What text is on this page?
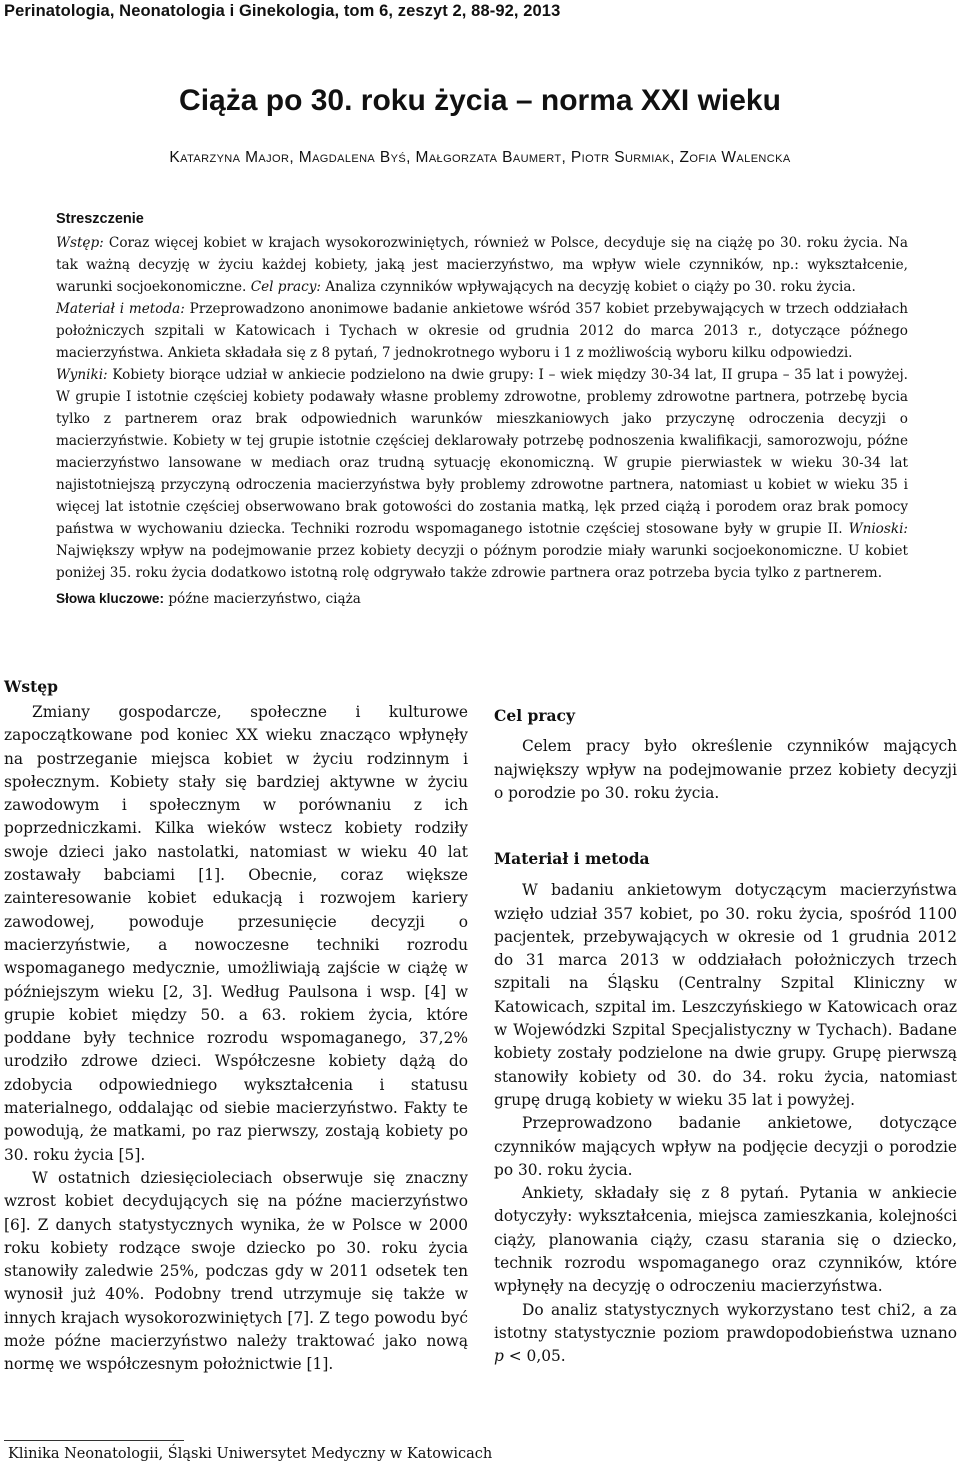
Perinatologia, Neonatologia i Ginekologia, tom 6, zeszyt 2, 88-92, 2013
Ciąża po 30. roku życia – norma XXI wieku
Katarzyna Major, Magdalena Byś, Małgorzata Baumert, Piotr Surmiak, Zofia Walencka

Streszczenie

Wstęp: Coraz więcej kobiet w krajach wysokorozwiniętych, również w Polsce, decyduje się na ciążę po 30. roku życia. Na tak ważną decyzję w życiu każdej kobiety, jaką jest macierzyństwo, ma wpływ wiele czynników, np.: wykształcenie, warunki socjoekonomiczne. Cel pracy: Analiza czynników wpływających na decyzję kobiet o ciąży po 30. roku życia.

Materiał i metoda: Przeprowadzono anonimowe badanie ankietowe wśród 357 kobiet przebywających w trzech oddziałach położniczych szpitali w Katowicach i Tychach w okresie od grudnia 2012 do marca 2013 r., dotyczące późnego macierzyństwa. Ankieta składała się z 8 pytań, 7 jednokrotnego wyboru i 1 z możliwością wyboru kilku odpowiedzi.

Wyniki: Kobiety biorące udział w ankiecie podzielono na dwie grupy: I – wiek między 30-34 lat, II grupa – 35 lat i powyżej. W grupie I istotnie częściej kobiety podawały własne problemy zdrowotne, problemy zdrowotne partnera, potrzebę bycia tylko z partnerem oraz brak odpowiednich warunków mieszkaniowych jako przyczynę odroczenia decyzji o macierzyństwie. Kobiety w tej grupie istotnie częściej deklarowały potrzebę podnoszenia kwalifikacji, samorozwoju, późne macierzyństwo lansowane w mediach oraz trudną sytuację ekonomiczną. W grupie pierwiastek w wieku 30-34 lat najistotniejszą przyczyną odroczenia macierzyństwa były problemy zdrowotne partnera, natomiast u kobiet w wieku 35 i więcej lat istotnie częściej obserwowano brak gotowości do zostania matką, lęk przed ciążą i porodem oraz brak pomocy państwa w wychowaniu dziecka. Techniki rozrodu wspomaganego istotnie częściej stosowane były w grupie II. Wnioski: Największy wpływ na podejmowanie przez kobiety decyzji o późnym porodzie miały warunki socjoekonomiczne. U kobiet poniżej 35. roku życia dodatkowo istotną rolę odgrywało także zdrowie partnera oraz potrzeba bycia tylko z partnerem.

Słowa kluczowe: późne macierzyństwo, ciąża

Wstęp

Zmiany gospodarcze, społeczne i kulturowe zapoczątkowane pod koniec XX wieku znacząco wpłynęły na postrzeganie miejsca kobiet w życiu rodzinnym i społecznym. Kobiety stały się bardziej aktywne w życiu zawodowym i społecznym w porównaniu z ich poprzedniczkami. Kilka wieków wstecz kobiety rodziły swoje dzieci jako nastolatki, natomiast w wieku 40 lat zostawały babciami [1]. Obecnie, coraz większe zainteresowanie kobiet edukacją i rozwojem kariery zawodowej, powoduje przesunięcie decyzji o macierzyństwie, a nowoczesne techniki rozrodu wspomaganego medycznie, umożliwiają zajście w ciążę w późniejszym wieku [2, 3]. Według Paulsona i wsp. [4] w grupie kobiet między 50. a 63. rokiem życia, które poddane były technice rozrodu wspomaganego, 37,2% urodziło zdrowe dzieci. Współczesne kobiety dążą do zdobycia odpowiedniego wykształcenia i statusu materialnego, oddalając od siebie macierzyństwo. Fakty te powodują, że matkami, po raz pierwszy, zostają kobiety po 30. roku życia [5].

W ostatnich dziesięcioleciach obserwuje się znaczny wzrost kobiet decydujących się na późne macierzyństwo [6]. Z danych statystycznych wynika, że w Polsce w 2000 roku kobiety rodzące swoje dziecko po 30. roku życia stanowiły zaledwie 25%, podczas gdy w 2011 odsetek ten wynosił już 40%. Podobny trend utrzymuje się także w innych krajach wysokorozwiniętych [7]. Z tego powodu być może późne macierzyństwo należy traktować jako nową normę we współczesnym położnictwie [1].

Cel pracy

Celem pracy było określenie czynników mających największy wpływ na podejmowanie przez kobiety decyzji o porodzie po 30. roku życia.

Materiał i metoda

W badaniu ankietowym dotyczącym macierzyństwa wzięło udział 357 kobiet, po 30. roku życia, spośród 1100 pacjentek, przebywających w okresie od 1 grudnia 2012 do 31 marca 2013 w oddziałach położniczych trzech szpitali na Śląsku (Centralny Szpital Kliniczny w Katowicach, szpital im. Leszczyńskiego w Katowicach oraz w Wojewódzki Szpital Specjalistyczny w Tychach). Badane kobiety zostały podzielone na dwie grupy. Grupę pierwszą stanowiły kobiety od 30. do 34. roku życia, natomiast grupę drugą kobiety w wieku 35 lat i powyżej.

Przeprowadzono badanie ankietowe, dotyczące czynników mających wpływ na podjęcie decyzji o porodzie po 30. roku życia.

Ankiety, składały się z 8 pytań. Pytania w ankiecie dotyczyły: wykształcenia, miejsca zamieszkania, kolejności ciąży, planowania ciąży, czasu starania się o dziecko, technik rozrodu wspomaganego oraz czynników, które wpłynęły na decyzję o odroczeniu macierzyństwa.

Do analiz statystycznych wykorzystano test chi2, a za istotny statystycznie poziom prawdopodobieństwa uznano p < 0,05.

Klinika Neonatologii, Śląski Uniwersytet Medyczny w Katowicach
